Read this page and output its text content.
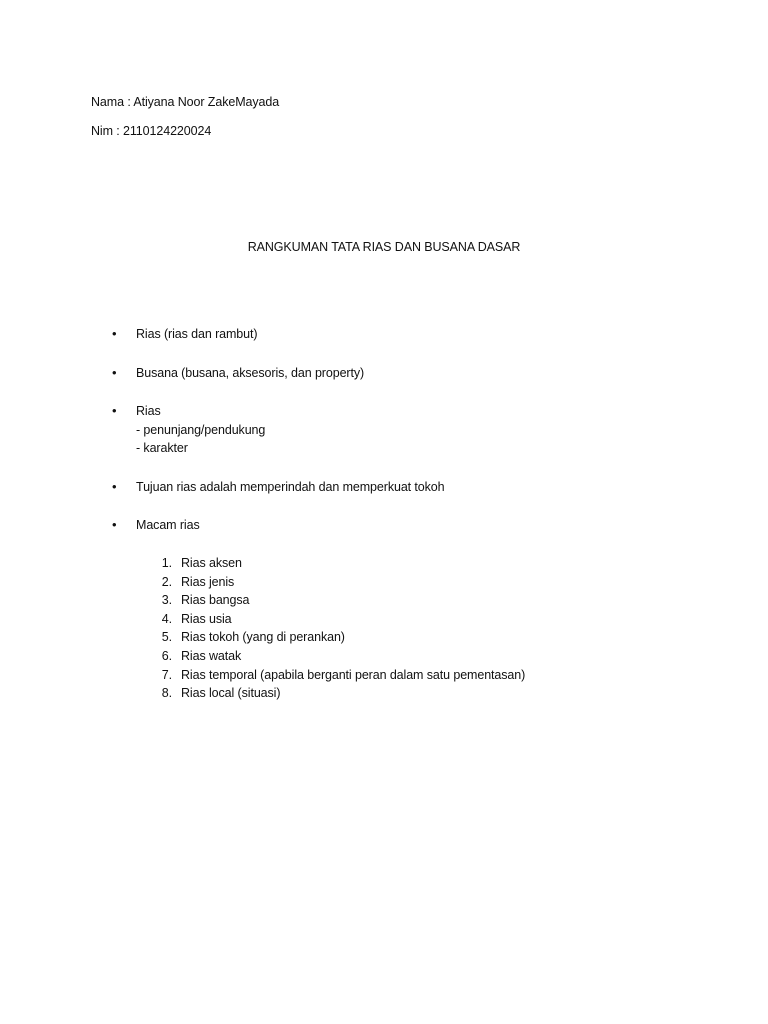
Nama : Atiyana Noor ZakeMayada
Nim : 2110124220024
RANGKUMAN TATA RIAS DAN BUSANA DASAR
•	Rias (rias dan rambut)
•	Busana (busana, aksesoris, dan property)
•	Rias
- penunjang/pendukung
- karakter
•	Tujuan rias adalah memperindah dan memperkuat tokoh
•	Macam rias
1. Rias aksen
2. Rias jenis
3. Rias bangsa
4. Rias usia
5. Rias tokoh (yang di perankan)
6. Rias watak
7. Rias temporal (apabila berganti peran dalam satu pementasan)
8. Rias local (situasi)
